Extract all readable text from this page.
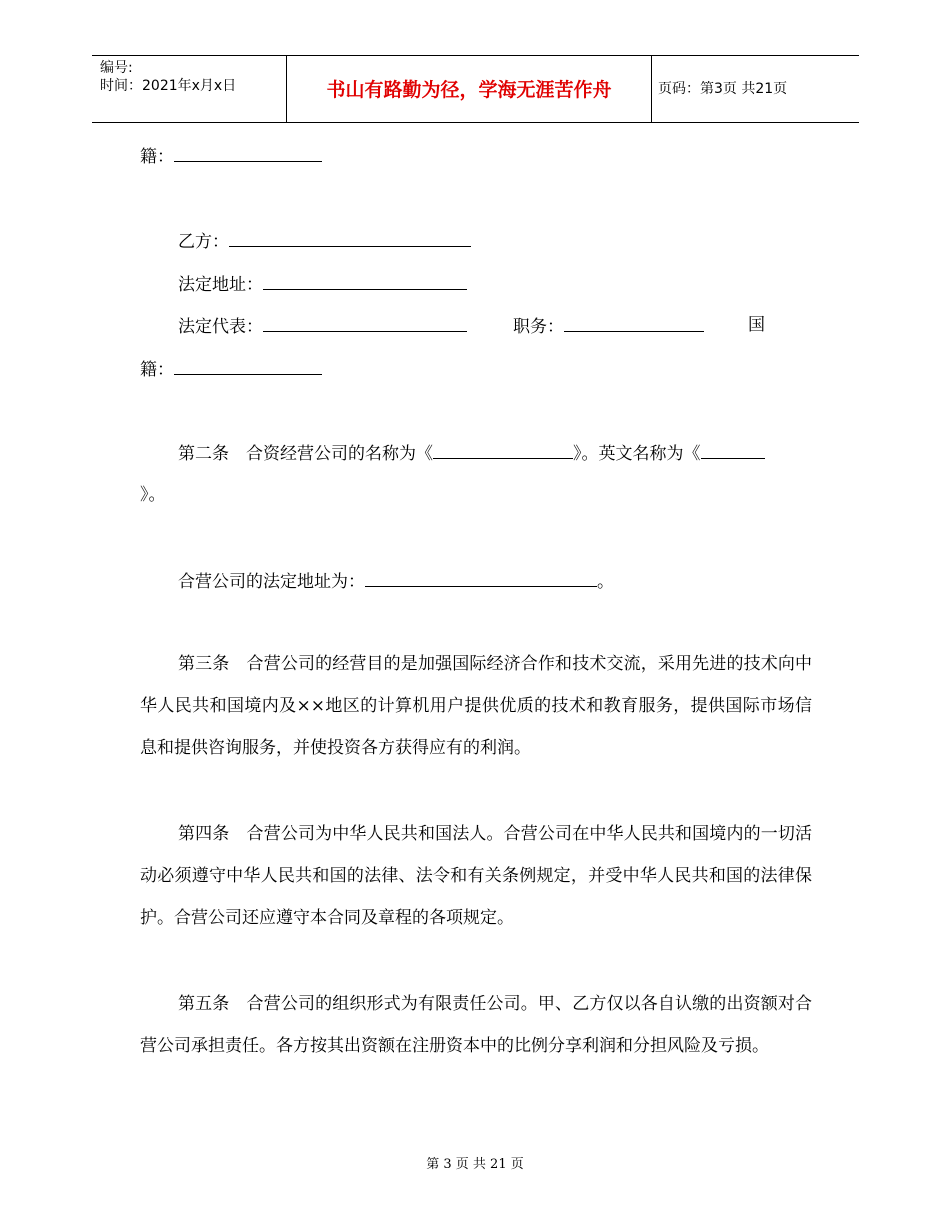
编号:
时间：2021年x月x日	书山有路勤为径，学海无涯苦作舟	页码：第3页 共21页
籍：
乙方：
法定地址：
法定代表：	职务：	国
籍：
第二条　合资经营公司的名称为《	》。英文名称为《
》。
合营公司的法定地址为：	。
第三条　合营公司的经营目的是加强国际经济合作和技术交流，采用先进的技术向中华人民共和国境内及××地区的计算机用户提供优质的技术和教育服务，提供国际市场信息和提供咨询服务，并使投资各方获得应有的利润。
第四条　合营公司为中华人民共和国法人。合营公司在中华人民共和国境内的一切活动必须遵守中华人民共和国的法律、法令和有关条例规定，并受中华人民共和国的法律保护。合营公司还应遵守本合同及章程的各项规定。
第五条　合营公司的组织形式为有限责任公司。甲、乙方仅以各自认缴的出资额对合营公司承担责任。各方按其出资额在注册资本中的比例分享利润和分担风险及亏损。
第 3 页 共 21 页
